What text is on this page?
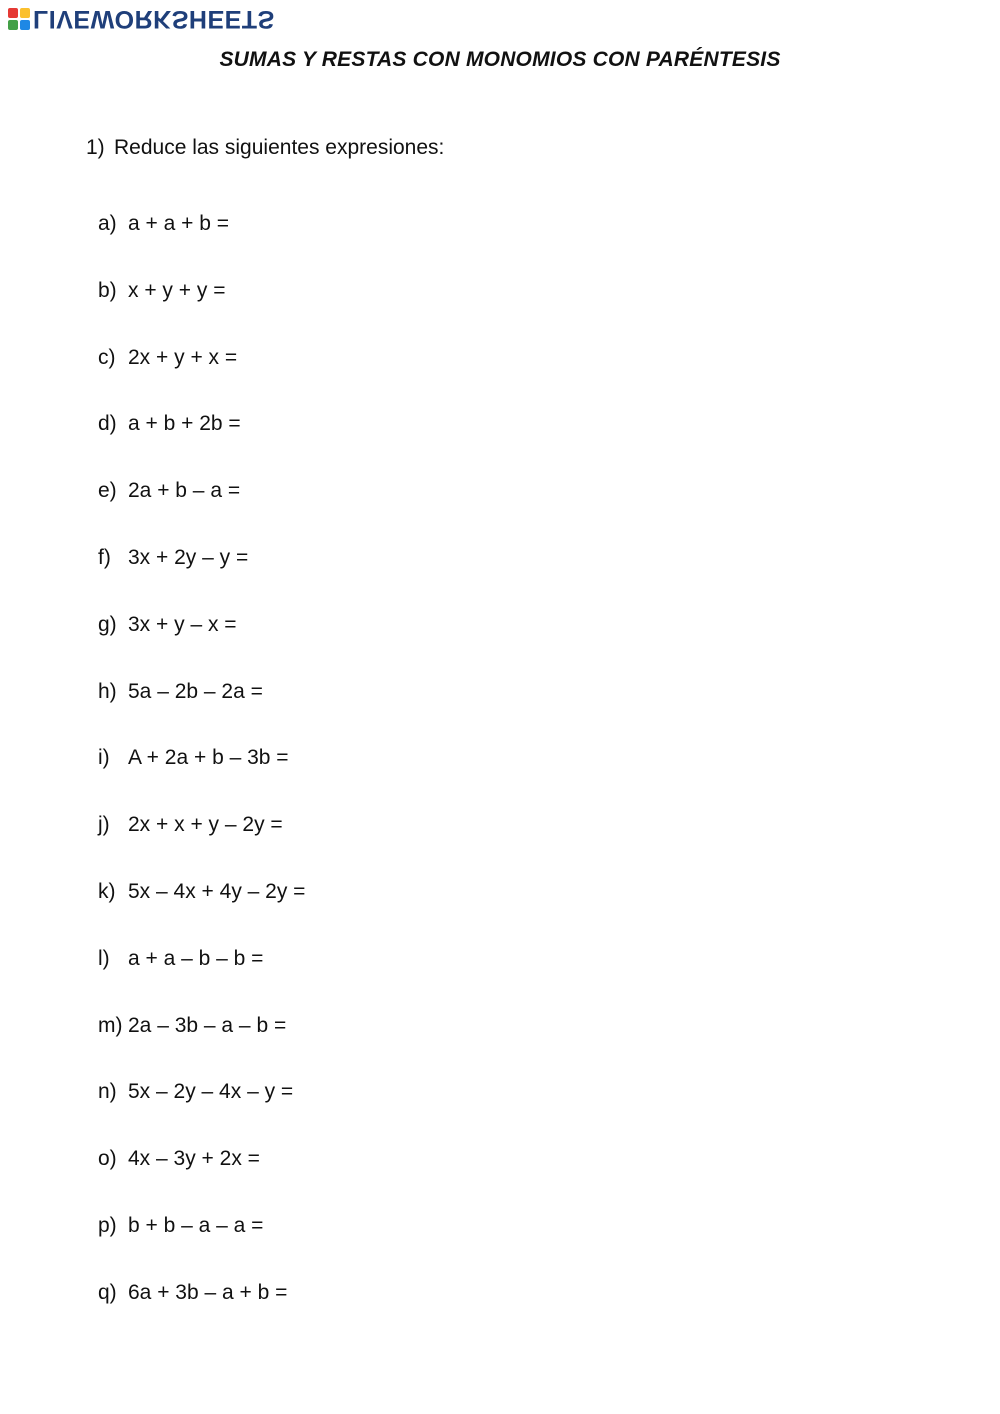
LIVEWORKSHEETS
SUMAS Y RESTAS CON MONOMIOS CON PARÉNTESIS
1) Reduce las siguientes expresiones:
a) a + a + b =
b) x + y + y =
c) 2x + y + x =
d) a + b + 2b =
e) 2a + b – a =
f) 3x + 2y – y =
g) 3x + y – x =
h) 5a – 2b – 2a =
i) A + 2a + b – 3b =
j) 2x + x + y – 2y =
k) 5x – 4x + 4y – 2y =
l) a + a – b – b =
m) 2a – 3b – a – b =
n) 5x – 2y – 4x – y =
o) 4x – 3y + 2x =
p) b + b – a – a =
q) 6a + 3b – a + b =
